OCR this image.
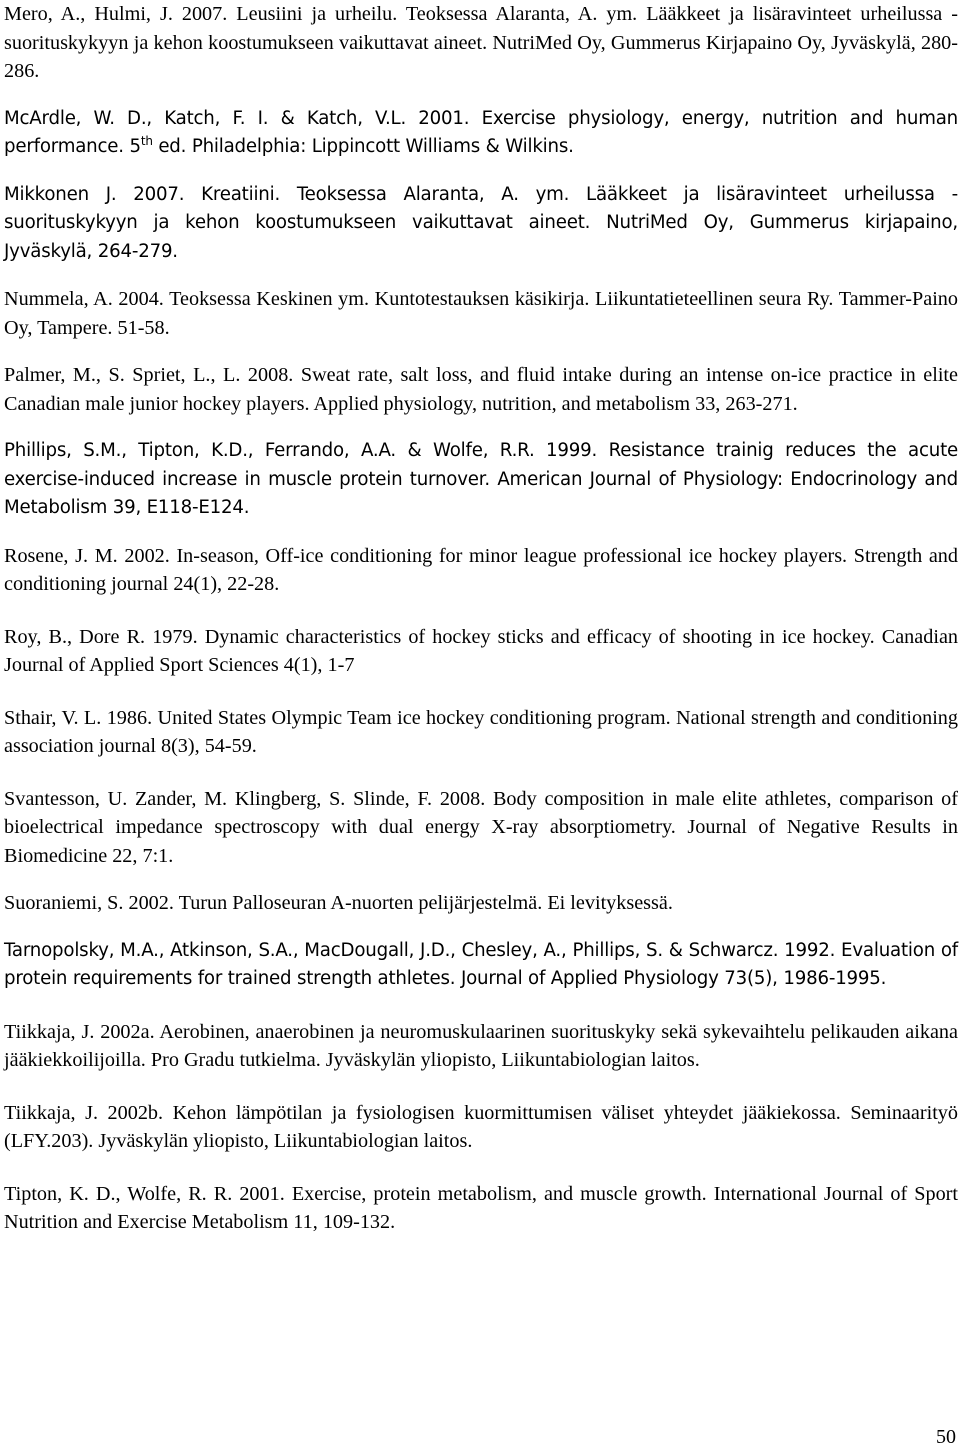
Mero, A., Hulmi, J. 2007. Leusiini ja urheilu. Teoksessa Alaranta, A. ym. Lääkkeet ja lisäravinteet urheilussa - suorituskykyyn ja kehon koostumukseen vaikuttavat aineet. NutriMed Oy, Gummerus Kirjapaino Oy, Jyväskylä, 280-286.

McArdle, W. D., Katch, F. I. & Katch, V.L. 2001. Exercise physiology, energy, nutrition and human performance. 5th ed. Philadelphia: Lippincott Williams & Wilkins.

Mikkonen J. 2007. Kreatiini. Teoksessa Alaranta, A. ym. Lääkkeet ja lisäravinteet urheilussa - suorituskykyyn ja kehon koostumukseen vaikuttavat aineet. NutriMed Oy, Gummerus kirjapaino, Jyväskylä, 264-279.

Nummela, A. 2004. Teoksessa Keskinen ym. Kuntotestauksen käsikirja. Liikuntatieteellinen seura Ry. Tammer-Paino Oy, Tampere. 51-58.

Palmer, M., S. Spriet, L., L. 2008. Sweat rate, salt loss, and fluid intake during an intense on-ice practice in elite Canadian male junior hockey players. Applied physiology, nutrition, and metabolism 33, 263-271.

Phillips, S.M., Tipton, K.D., Ferrando, A.A. & Wolfe, R.R. 1999. Resistance trainig reduces the acute exercise-induced increase in muscle protein turnover. American Journal of Physiology: Endocrinology and Metabolism 39, E118-E124.

Rosene, J. M. 2002. In-season, Off-ice conditioning for minor league professional ice hockey players. Strength and conditioning journal 24(1), 22-28.

Roy, B., Dore R. 1979. Dynamic characteristics of hockey sticks and efficacy of shooting in ice hockey. Canadian Journal of Applied Sport Sciences 4(1), 1-7

Sthair, V. L. 1986. United States Olympic Team ice hockey conditioning program. National strength and conditioning association journal 8(3), 54-59.

Svantesson, U. Zander, M. Klingberg, S. Slinde, F. 2008. Body composition in male elite athletes, comparison of bioelectrical impedance spectroscopy with dual energy X-ray absorptiometry. Journal of Negative Results in Biomedicine 22, 7:1.

Suoraniemi, S. 2002. Turun Palloseuran A-nuorten pelijärjestelmä. Ei levityksessä.

Tarnopolsky, M.A., Atkinson, S.A., MacDougall, J.D., Chesley, A., Phillips, S. & Schwarcz. 1992. Evaluation of protein requirements for trained strength athletes. Journal of Applied Physiology 73(5), 1986-1995.

Tiikkaja, J. 2002a. Aerobinen, anaerobinen ja neuromuskulaarinen suorituskyky sekä sykevaihtelu pelikauden aikana jääkiekkoilijoilla. Pro Gradu tutkielma. Jyväskylän yliopisto, Liikuntabiologian laitos.

Tiikkaja, J. 2002b. Kehon lämpötilan ja fysiologisen kuormittumisen väliset yhteydet jääkiekossa. Seminaarityö (LFY.203). Jyväskylän yliopisto, Liikuntabiologian laitos.

Tipton, K. D., Wolfe, R. R. 2001. Exercise, protein metabolism, and muscle growth. International Journal of Sport Nutrition and Exercise Metabolism 11, 109-132.

50
